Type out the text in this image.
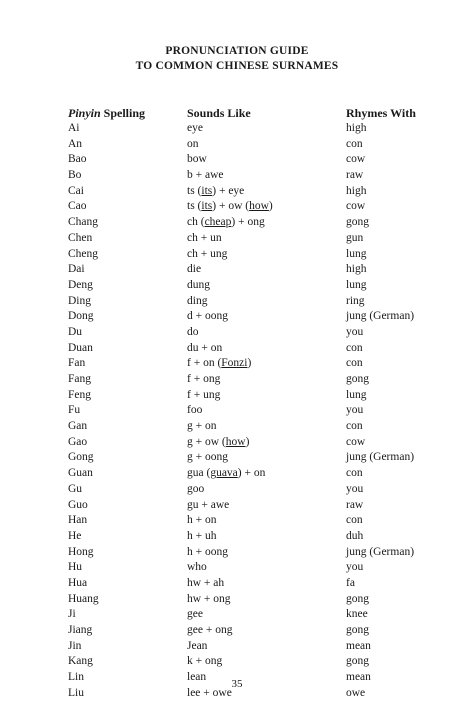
PRONUNCIATION GUIDE
TO COMMON CHINESE SURNAMES
Pinyin Spelling	Sounds Like	Rhymes With
Ai	eye	high
An	on	con
Bao	bow	cow
Bo	b + awe	raw
Cai	ts (its) + eye	high
Cao	ts (its) + ow (how)	cow
Chang	ch (cheap) + ong	gong
Chen	ch + un	gun
Cheng	ch + ung	lung
Dai	die	high
Deng	dung	lung
Ding	ding	ring
Dong	d + oong	jung (German)
Du	do	you
Duan	du + on	con
Fan	f + on (Fonzi)	con
Fang	f + ong	gong
Feng	f + ung	lung
Fu	foo	you
Gan	g + on	con
Gao	g + ow (how)	cow
Gong	g + oong	jung (German)
Guan	gua (guava) + on	con
Gu	goo	you
Guo	gu + awe	raw
Han	h + on	con
He	h + uh	duh
Hong	h + oong	jung (German)
Hu	who	you
Hua	hw + ah	fa
Huang	hw + ong	gong
Ji	gee	knee
Jiang	gee + ong	gong
Jin	Jean	mean
Kang	k + ong	gong
Lin	lean	mean
Liu	lee + owe	owe
35
